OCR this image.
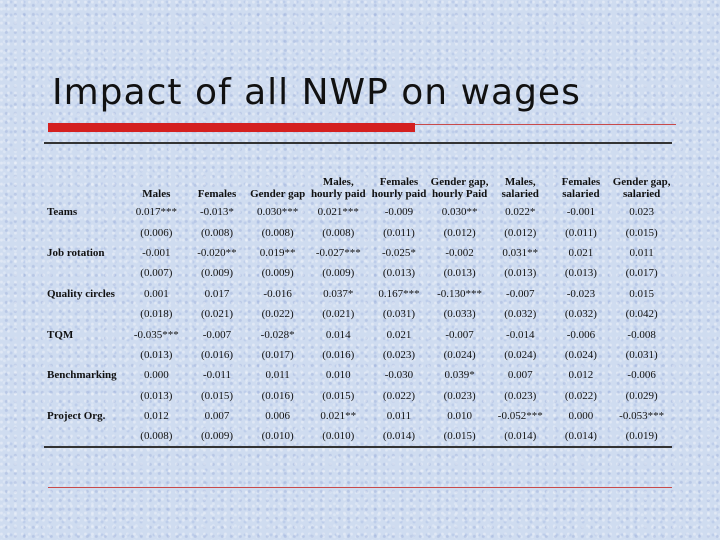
Impact of all NWP on wages
	Males	Females	Gender gap	Males, hourly paid	Females hourly paid	Gender gap, hourly Paid	Males, salaried	Females salaried	Gender gap, salaried
Teams	0.017***	-0.013*	0.030***	0.021***	-0.009	0.030**	0.022*	-0.001	0.023
	(0.006)	(0.008)	(0.008)	(0.008)	(0.011)	(0.012)	(0.012)	(0.011)	(0.015)
Job rotation	-0.001	-0.020**	0.019**	-0.027***	-0.025*	-0.002	0.031**	0.021	0.011
	(0.007)	(0.009)	(0.009)	(0.009)	(0.013)	(0.013)	(0.013)	(0.013)	(0.017)
Quality circles	0.001	0.017	-0.016	0.037*	0.167***	-0.130***	-0.007	-0.023	0.015
	(0.018)	(0.021)	(0.022)	(0.021)	(0.031)	(0.033)	(0.032)	(0.032)	(0.042)
TQM	-0.035***	-0.007	-0.028*	0.014	0.021	-0.007	-0.014	-0.006	-0.008
	(0.013)	(0.016)	(0.017)	(0.016)	(0.023)	(0.024)	(0.024)	(0.024)	(0.031)
Benchmarking	0.000	-0.011	0.011	0.010	-0.030	0.039*	0.007	0.012	-0.006
	(0.013)	(0.015)	(0.016)	(0.015)	(0.022)	(0.023)	(0.023)	(0.022)	(0.029)
Project Org.	0.012	0.007	0.006	0.021**	0.011	0.010	-0.052***	0.000	-0.053***
	(0.008)	(0.009)	(0.010)	(0.010)	(0.014)	(0.015)	(0.014)	(0.014)	(0.019)
